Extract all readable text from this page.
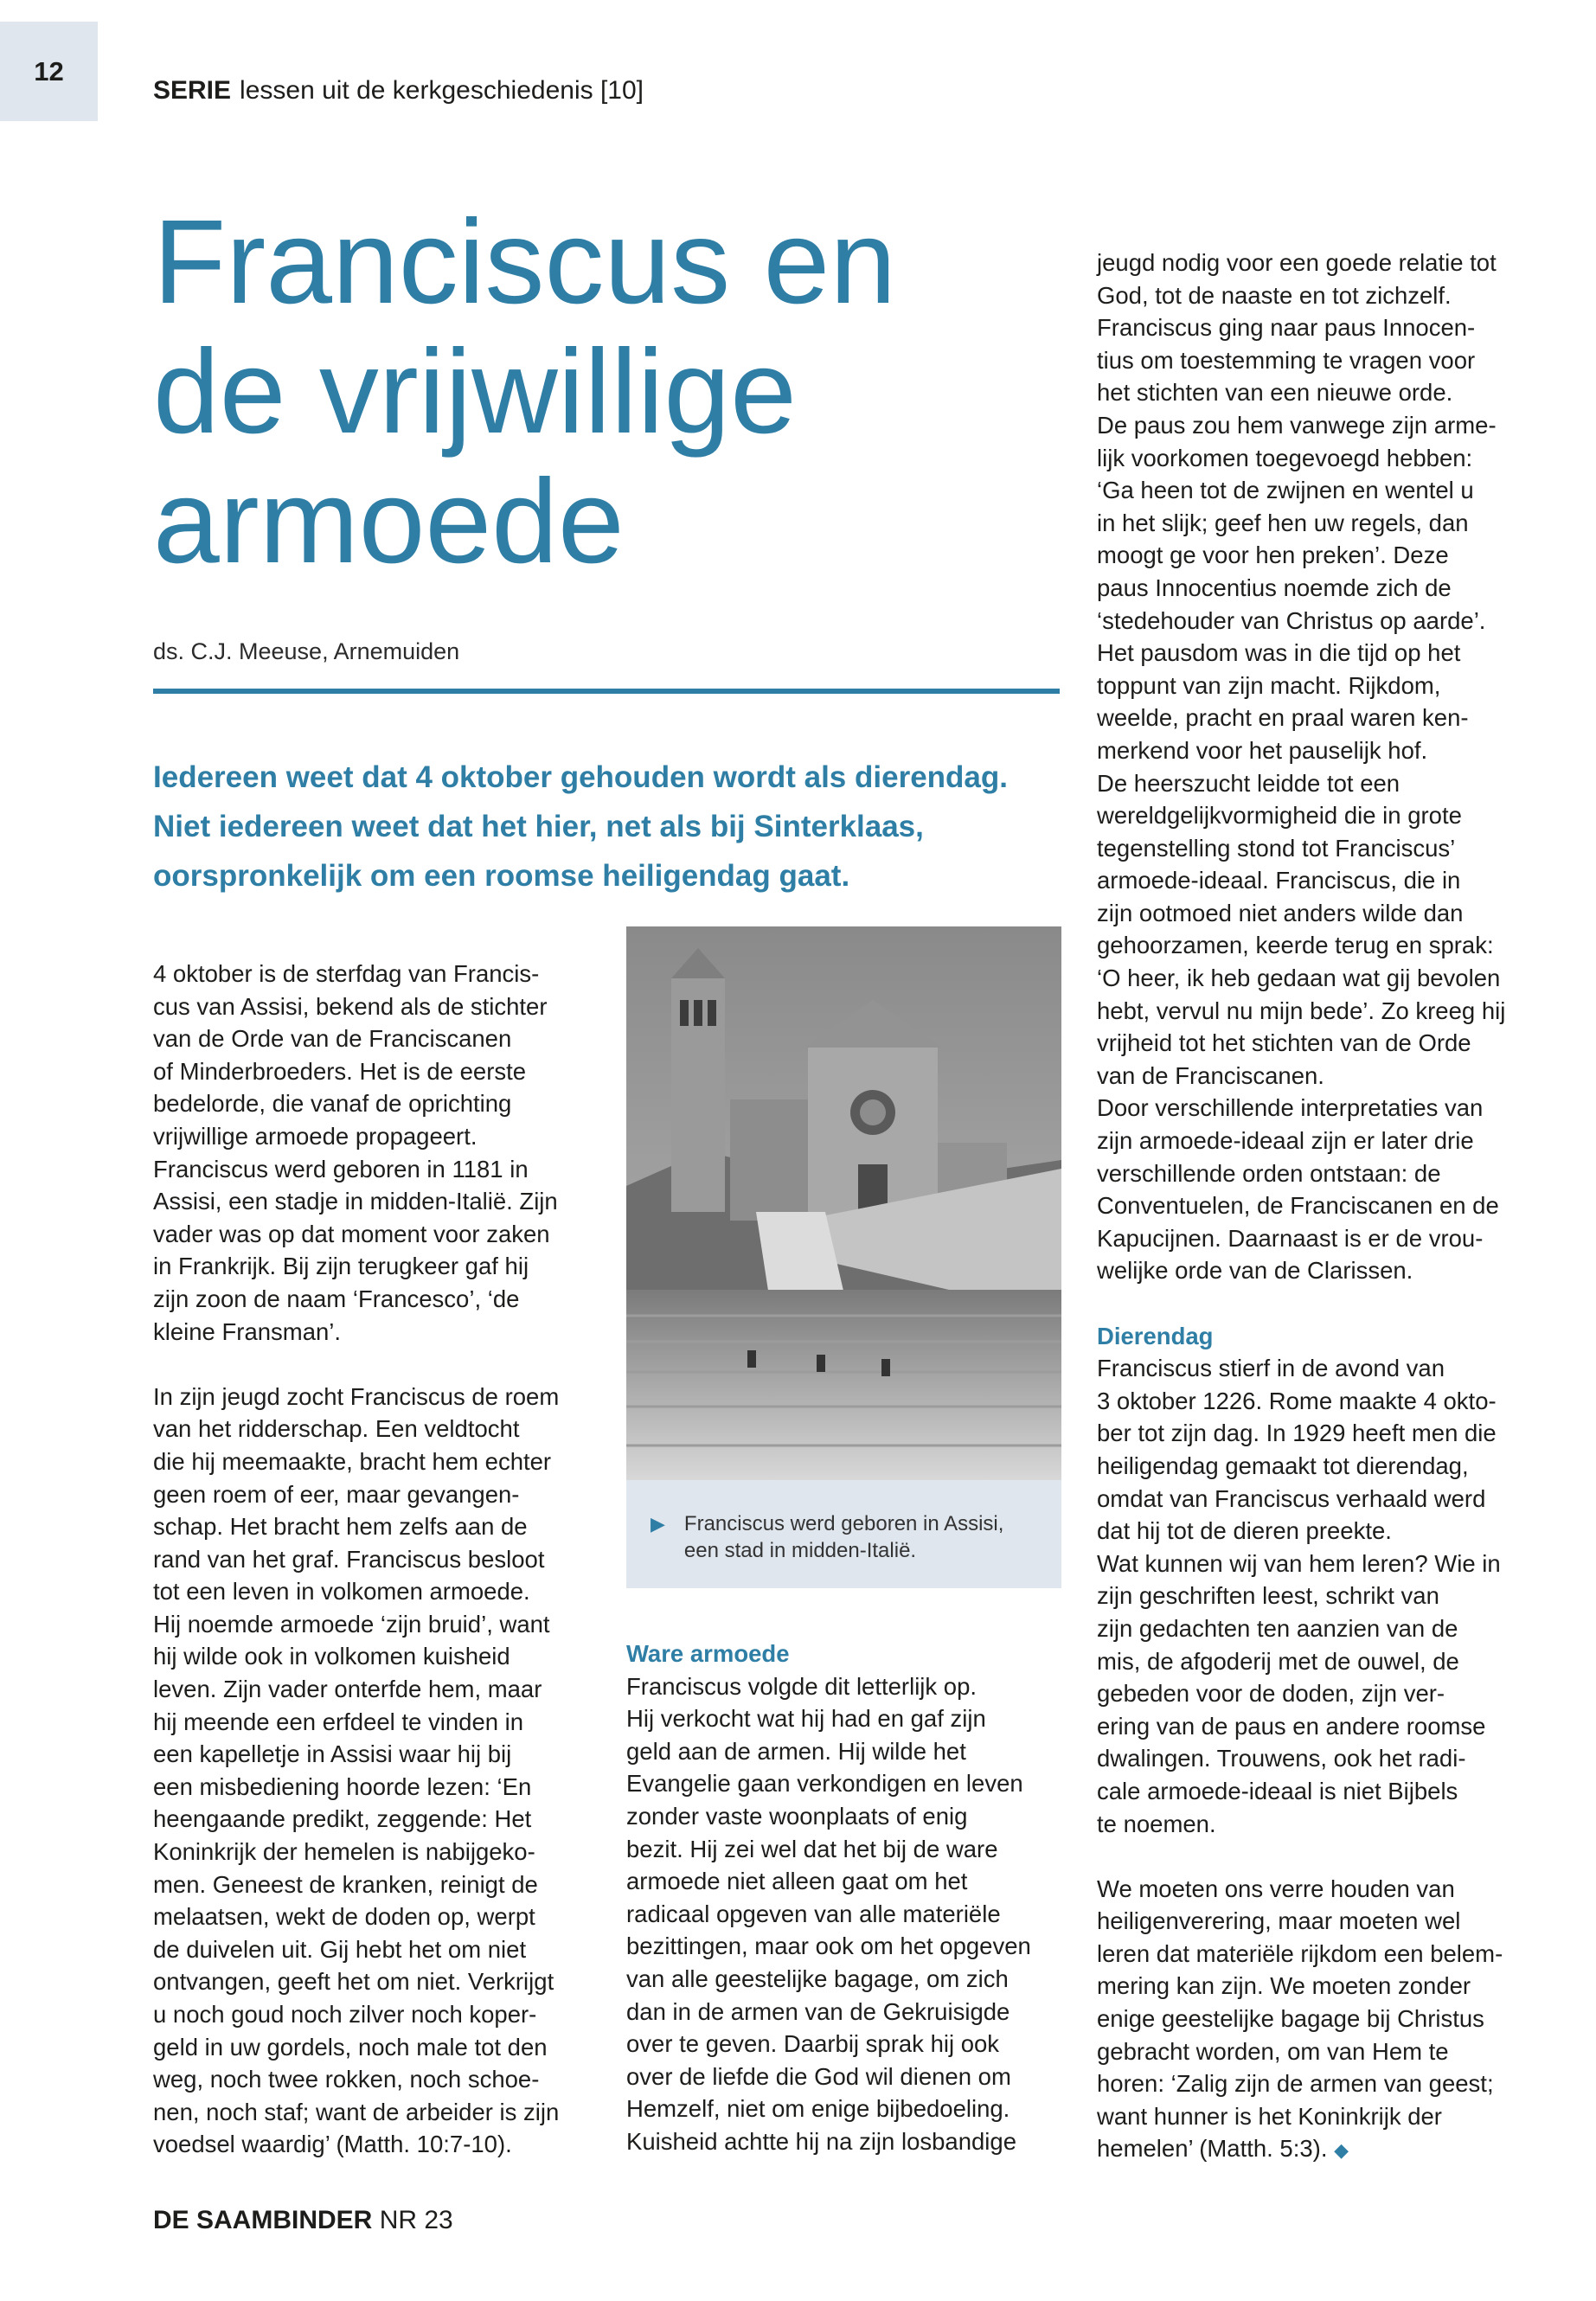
12
SERIE lessen uit de kerkgeschiedenis [10]
Franciscus en
de vrijwillige
armoede
ds. C.J. Meeuse, Arnemuiden
Iedereen weet dat 4 oktober gehouden wordt als dierendag.
Niet iedereen weet dat het hier, net als bij Sinterklaas,
oorspronkelijk om een roomse heiligendag gaat.

4 oktober is de sterfdag van Francis-
cus van Assisi, bekend als de stichter
van de Orde van de Franciscanen
of Minderbroeders. Het is de eerste
bedelorde, die vanaf de oprichting
vrijwillige armoede propageert.
Franciscus werd geboren in 1181 in
Assisi, een stadje in midden-Italië. Zijn
vader was op dat moment voor zaken
in Frankrijk. Bij zijn terugkeer gaf hij
zijn zoon de naam ‘Francesco’, ‘de
kleine Fransman’.

In zijn jeugd zocht Franciscus de roem
van het ridderschap. Een veldtocht
die hij meemaakte, bracht hem echter
geen roem of eer, maar gevangen-
schap. Het bracht hem zelfs aan de
rand van het graf. Franciscus besloot
tot een leven in volkomen armoede.
Hij noemde armoede ‘zijn bruid’, want
hij wilde ook in volkomen kuisheid
leven. Zijn vader onterfde hem, maar
hij meende een erfdeel te vinden in
een kapelletje in Assisi waar hij bij
een misbediening hoorde lezen: ‘En
heengaande predikt, zeggende: Het
Koninkrijk der hemelen is nabijgeko-
men. Geneest de kranken, reinigt de
melaatsen, wekt de doden op, werpt
de duivelen uit. Gij hebt het om niet
ontvangen, geeft het om niet. Verkrijgt
u noch goud noch zilver noch koper-
geld in uw gordels, noch male tot den
weg, noch twee rokken, noch schoe-
nen, noch staf; want de arbeider is zijn
voedsel waardig’ (Matth. 10:7-10).

▶ Franciscus werd geboren in Assisi,
een stad in midden-Italië.
Ware armoede

Franciscus volgde dit letterlijk op.
Hij verkocht wat hij had en gaf zijn
geld aan de armen. Hij wilde het
Evangelie gaan verkondigen en leven
zonder vaste woonplaats of enig
bezit. Hij zei wel dat het bij de ware
armoede niet alleen gaat om het
radicaal opgeven van alle materiële
bezittingen, maar ook om het opgeven
van alle geestelijke bagage, om zich
dan in de armen van de Gekruisigde
over te geven. Daarbij sprak hij ook
over de liefde die God wil dienen om
Hemzelf, niet om enige bijbedoeling.
Kuisheid achtte hij na zijn losbandige

jeugd nodig voor een goede relatie tot
God, tot de naaste en tot zichzelf.
Franciscus ging naar paus Innocen-
tius om toestemming te vragen voor
het stichten van een nieuwe orde.
De paus zou hem vanwege zijn arme-
lijk voorkomen toegevoegd hebben:
‘Ga heen tot de zwijnen en wentel u
in het slijk; geef hen uw regels, dan
moogt ge voor hen preken’. Deze
paus Innocentius noemde zich de
‘stedehouder van Christus op aarde’.
Het pausdom was in die tijd op het
toppunt van zijn macht. Rijkdom,
weelde, pracht en praal waren ken-
merkend voor het pauselijk hof.
De heerszucht leidde tot een
wereldgelijkvormigheid die in grote
tegenstelling stond tot Franciscus’
armoede-ideaal. Franciscus, die in
zijn ootmoed niet anders wilde dan
gehoorzamen, keerde terug en sprak:
‘O heer, ik heb gedaan wat gij bevolen
hebt, vervul nu mijn bede’. Zo kreeg hij
vrijheid tot het stichten van de Orde
van de Franciscanen.
Door verschillende interpretaties van
zijn armoede-ideaal zijn er later drie
verschillende orden ontstaan: de
Conventuelen, de Franciscanen en de
Kapucijnen. Daarnaast is er de vrou-
welijke orde van de Clarissen.

Dierendag

Franciscus stierf in de avond van
3 oktober 1226. Rome maakte 4 okto-
ber tot zijn dag. In 1929 heeft men die
heiligendag gemaakt tot dierendag,
omdat van Franciscus verhaald werd
dat hij tot de dieren preekte.
Wat kunnen wij van hem leren? Wie in
zijn geschriften leest, schrikt van
zijn gedachten ten aanzien van de
mis, de afgoderij met de ouwel, de
gebeden voor de doden, zijn ver-
ering van de paus en andere roomse
dwalingen. Trouwens, ook het radi-
cale armoede-ideaal is niet Bijbels
te noemen.

We moeten ons verre houden van
heiligenverering, maar moeten wel
leren dat materiële rijkdom een belem-
mering kan zijn. We moeten zonder
enige geestelijke bagage bij Christus
gebracht worden, om van Hem te
horen: ‘Zalig zijn de armen van geest;
want hunner is het Koninkrijk der
hemelen’ (Matth. 5:3). ◆

DE SAAMBINDER NR 23
